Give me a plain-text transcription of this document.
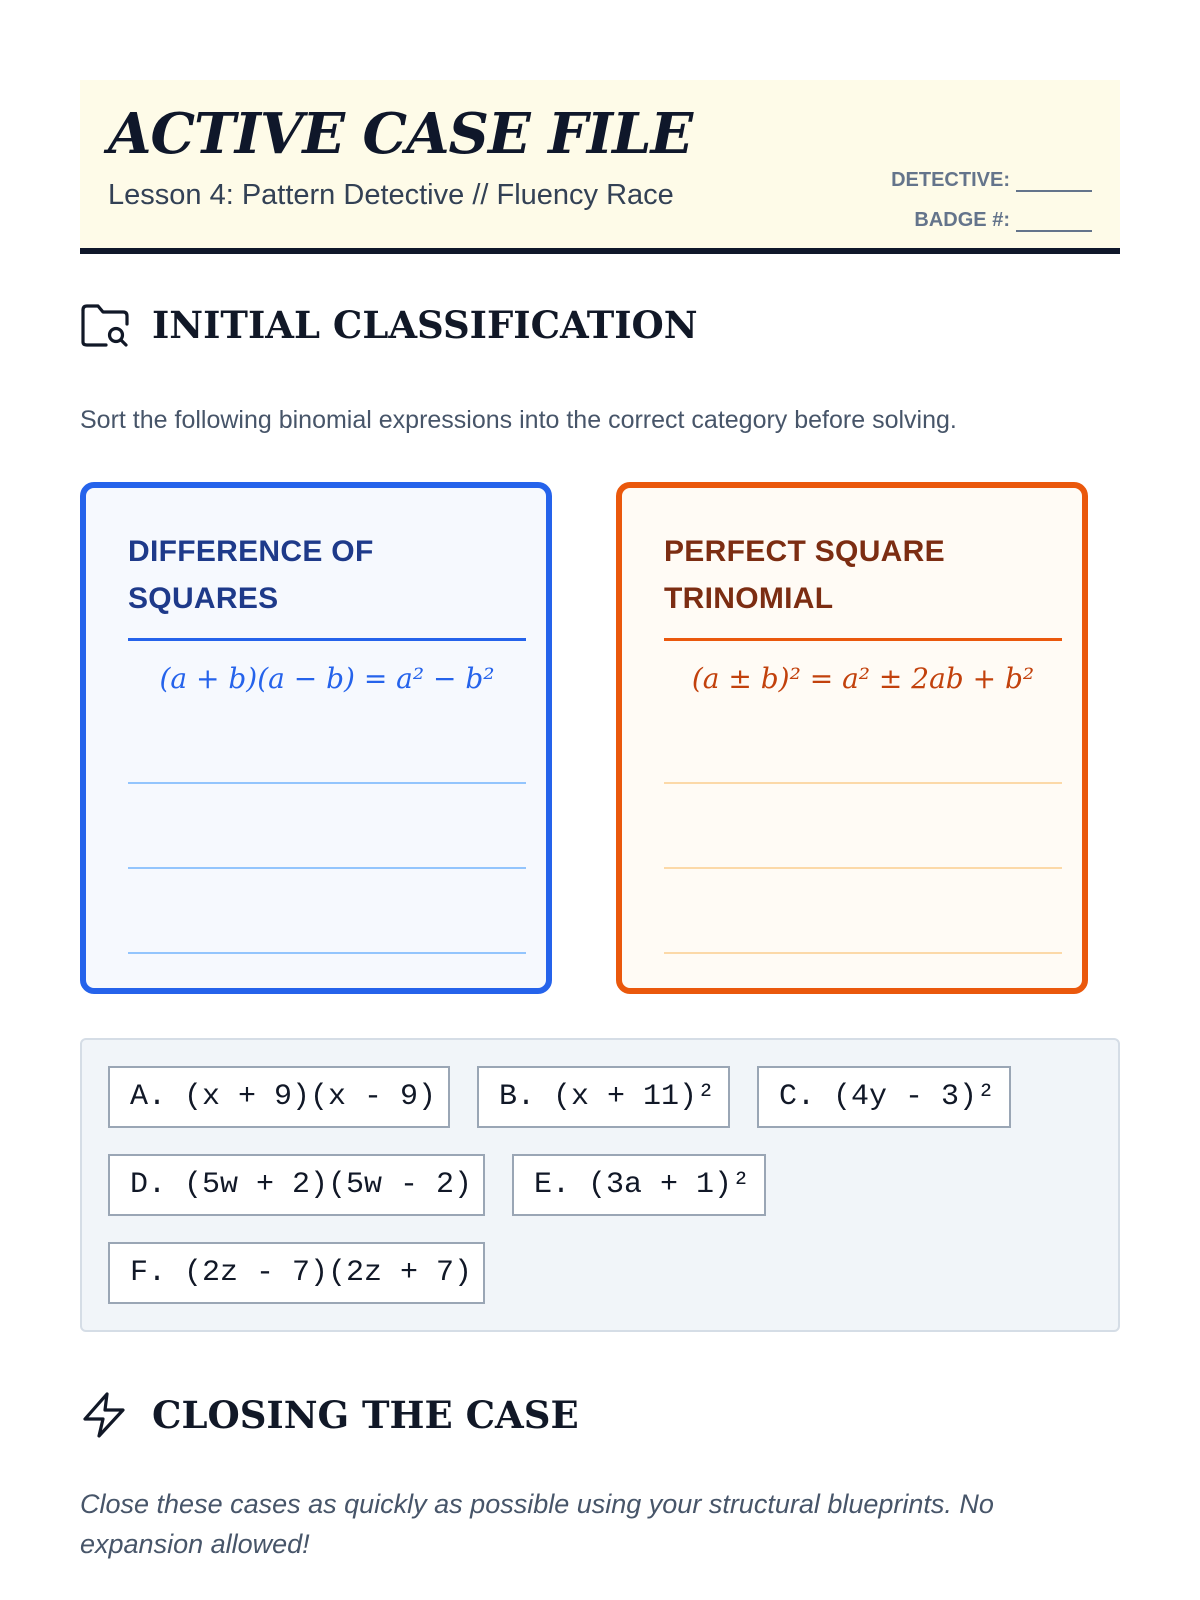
ACTIVE CASE FILE

Lesson 4: Pattern Detective // Fluency Race	DETECTIVE:
BADGE #:
INITIAL CLASSIFICATION

Sort the following binomial expressions into the correct category before solving.

DIFFERENCE OF SQUARES
(a + b)(a − b) = a² − b²
PERFECT SQUARE TRINOMIAL
(a ± b)² = a² ± 2ab + b²
A. (x + 9)(x - 9)	B. (x + 11)²	C. (4y - 3)²
D. (5w + 2)(5w - 2)	E. (3a + 1)²
F. (2z - 7)(2z + 7)
CLOSING THE CASE

Close these cases as quickly as possible using your structural blueprints. No expansion allowed!
